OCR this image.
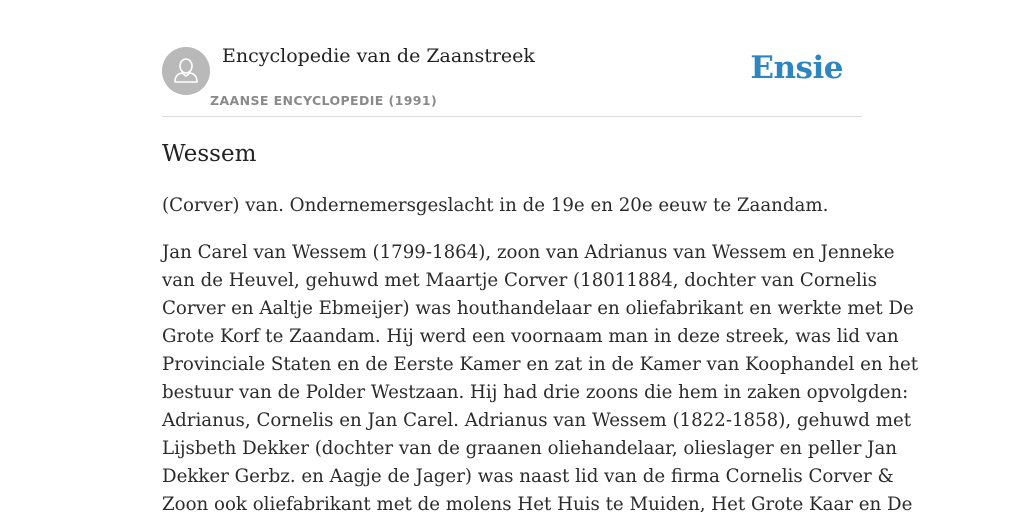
Encyclopedie van de Zaanstreek
ZAANSE ENCYCLOPEDIE (1991)
Ensie
Wessem

(Corver) van. Ondernemersgeslacht in de 19e en 20e eeuw te Zaandam.

Jan Carel van Wessem (1799-1864), zoon van Adrianus van Wessem en Jenneke
van de Heuvel, gehuwd met Maartje Corver (18011884, dochter van Cornelis
Corver en Aaltje Ebmeijer) was houthandelaar en oliefabrikant en werkte met De
Grote Korf te Zaandam. Hij werd een voornaam man in deze streek, was lid van
Provinciale Staten en de Eerste Kamer en zat in de Kamer van Koophandel en het
bestuur van de Polder Westzaan. Hij had drie zoons die hem in zaken opvolgden:
Adrianus, Cornelis en Jan Carel. Adrianus van Wessem (1822-1858), gehuwd met
Lijsbeth Dekker (dochter van de graanen oliehandelaar, olieslager en peller Jan
Dekker Gerbz. en Aagje de Jager) was naast lid van de firma Cornelis Corver &
Zoon ook oliefabrikant met de molens Het Huis te Muiden, Het Grote Kaar en De
